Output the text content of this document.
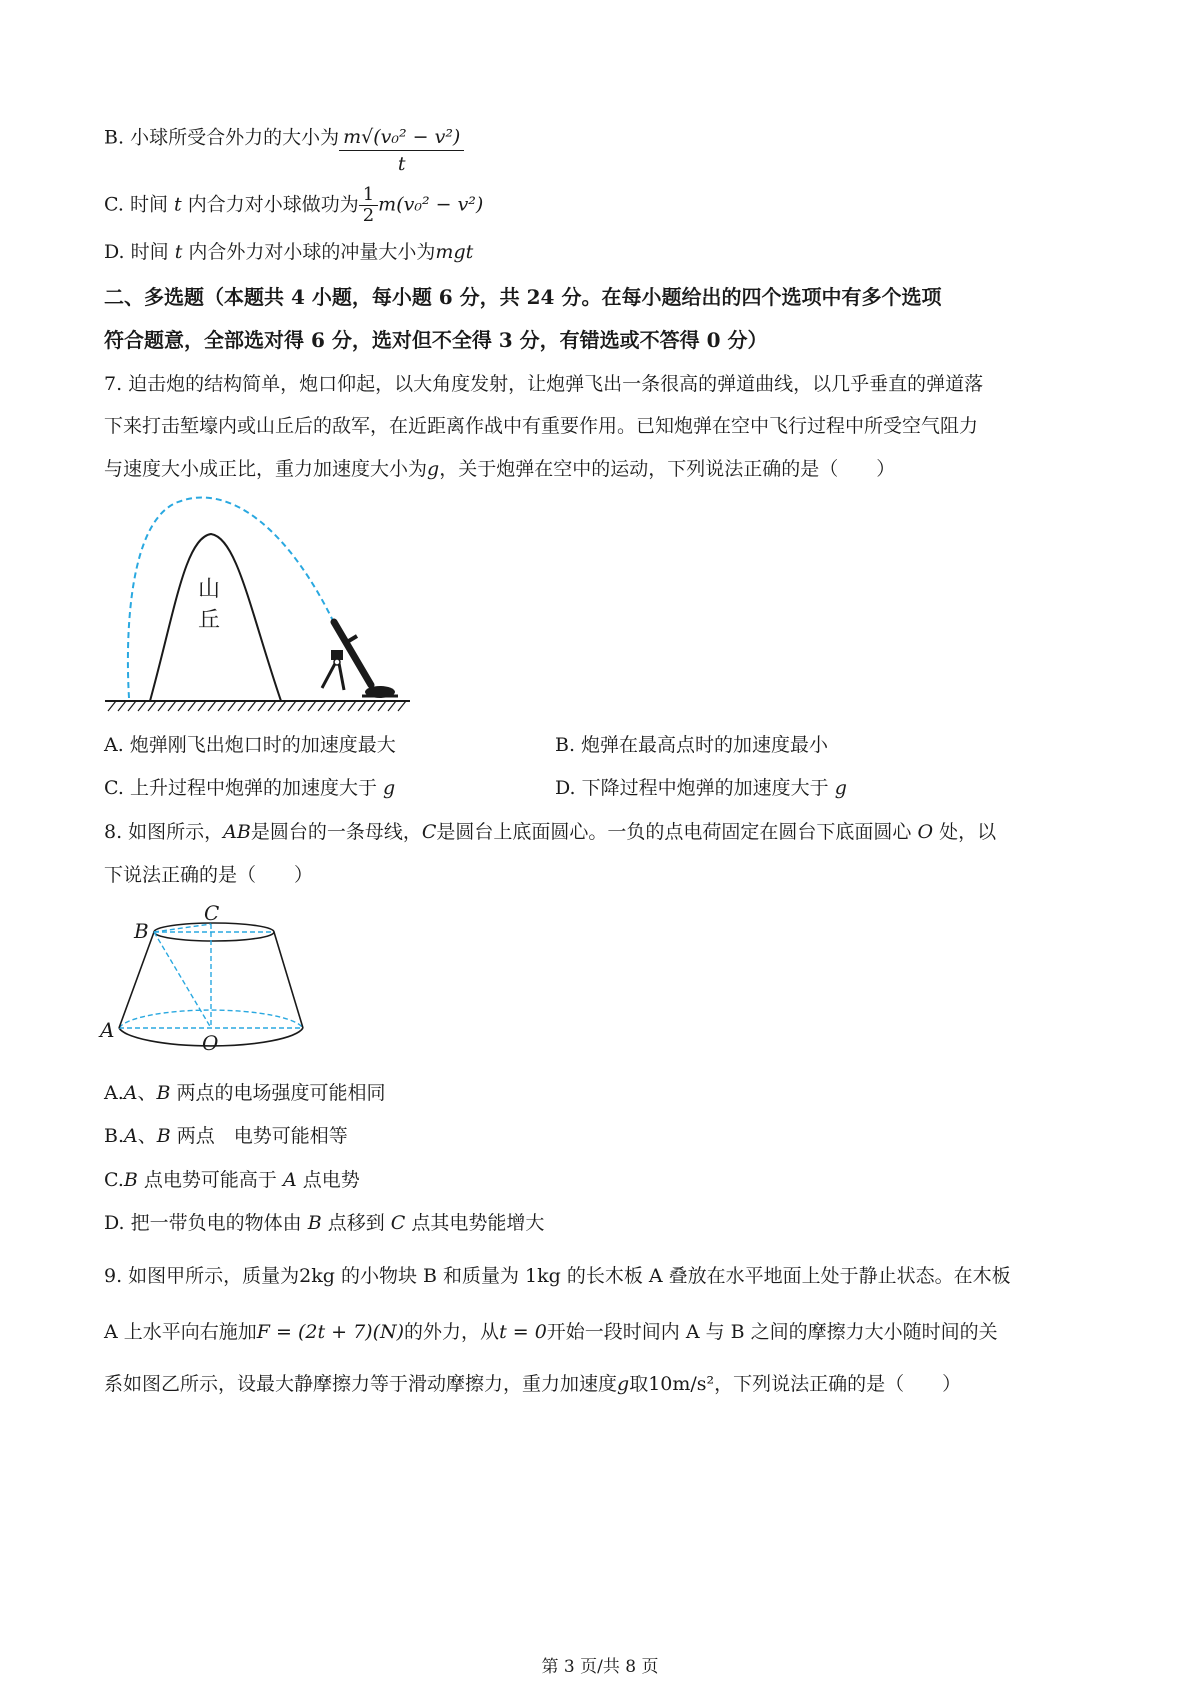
B. 小球所受合外力的大小为 $\frac{\text{m√(v₀² − v²)}}{t}$
C. 时间 t 内合力对小球做功为 $\frac{1}{2} m(v_0^2 - v^2)$
D. 时间 t 内合外力对小球的冲量大小为mgt
二、多选题（本题共 4 小题，每小题 6 分，共 24 分。在每小题给出的四个选项中有多个选项
符合题意，全部选对得 6 分，选对但不全得 3 分，有错选或不答得 0 分）
7. 迫击炮的结构简单，炮口仰起，以大角度发射，让炮弹飞出一条很高的弹道曲线，以几乎垂直的弹道落
下来打击堑壕内或山丘后的敌军，在近距离作战中有重要作用。已知炮弹在空中飞行过程中所受空气阻力
与速度大小成正比，重力加速度大小为g，关于炮弹在空中的运动，下列说法正确的是（　　）
山
丘
A. 炮弹刚飞出炮口时的加速度最大	B. 炮弹在最高点时的加速度最小
C. 上升过程中炮弹的加速度大于 g	D. 下降过程中炮弹的加速度大于 g
8. 如图所示，AB是圆台的一条母线，C是圆台上底面圆心。一负的点电荷固定在圆台下底面圆心 O 处，以
下说法正确的是（　　）
B
C
A
O
A.A、B 两点的电场强度可能相同
B.A、B 两点　电势可能相等
C.B 点电势可能高于 A 点电势
D. 把一带负电的物体由 B 点移到 C 点其电势能增大
9. 如图甲所示，质量为2kg 的小物块 B 和质量为 1kg 的长木板 A 叠放在水平地面上处于静止状态。在木板
A 上水平向右施加F = (2t + 7)(N)的外力，从t = 0开始一段时间内 A 与 B 之间的摩擦力大小随时间的关
系如图乙所示，设最大静摩擦力等于滑动摩擦力，重力加速度g取10m/s²，下列说法正确的是（　　）
第 3 页/共 8 页
